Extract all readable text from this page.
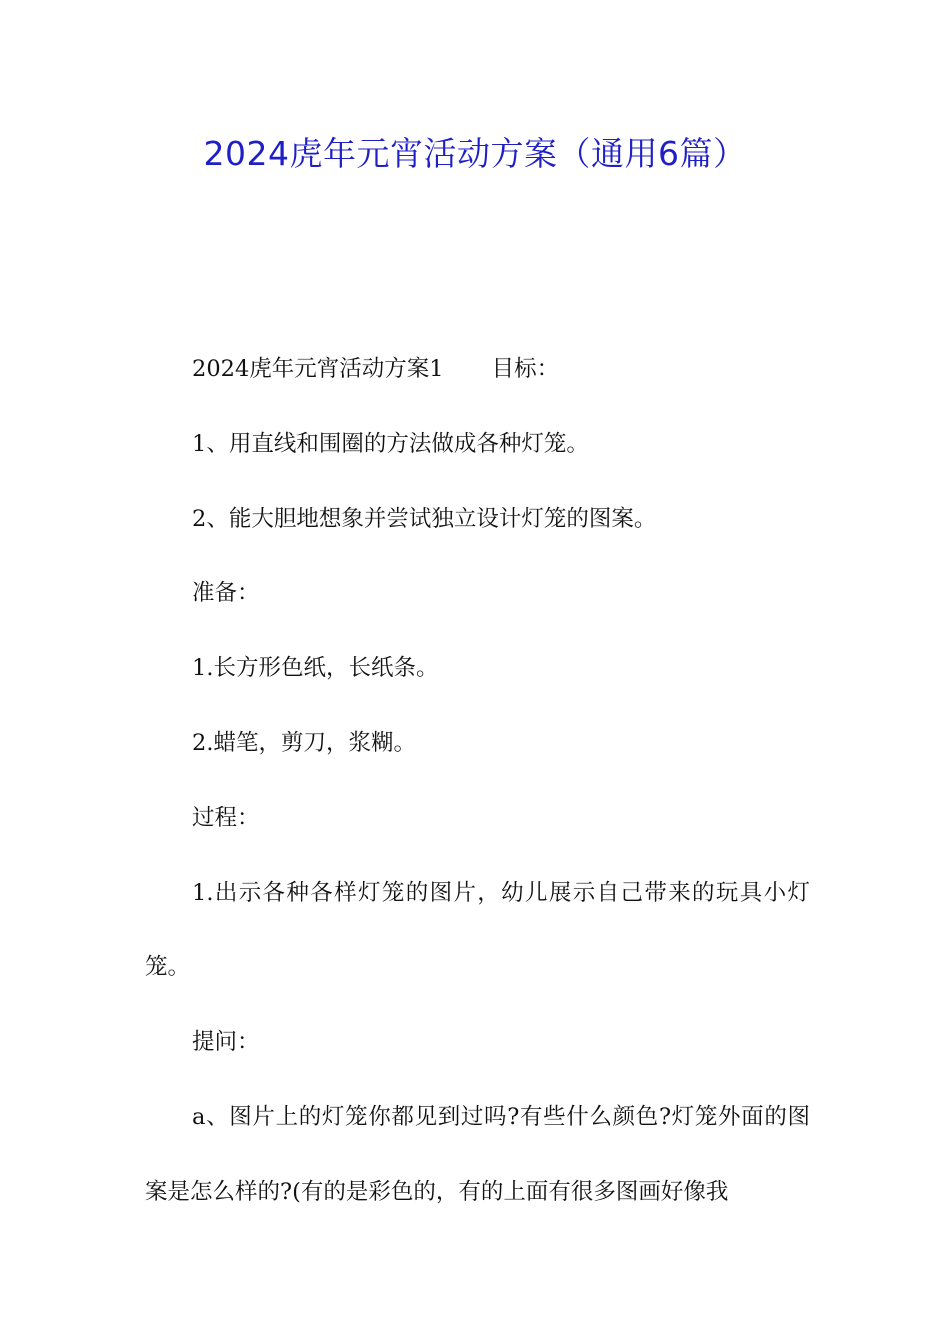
2024虎年元宵活动方案（通用6篇）

2024虎年元宵活动方案1 目标：

1、用直线和围圈的方法做成各种灯笼。

2、能大胆地想象并尝试独立设计灯笼的图案。

准备：

1.长方形色纸，长纸条。

2.蜡笔，剪刀，浆糊。

过程：

1.出示各种各样灯笼的图片，幼儿展示自己带来的玩具小灯笼。

提问：

a、图片上的灯笼你都见到过吗?有些什么颜色?灯笼外面的图案是怎么样的?(有的是彩色的，有的上面有很多图画好像我
